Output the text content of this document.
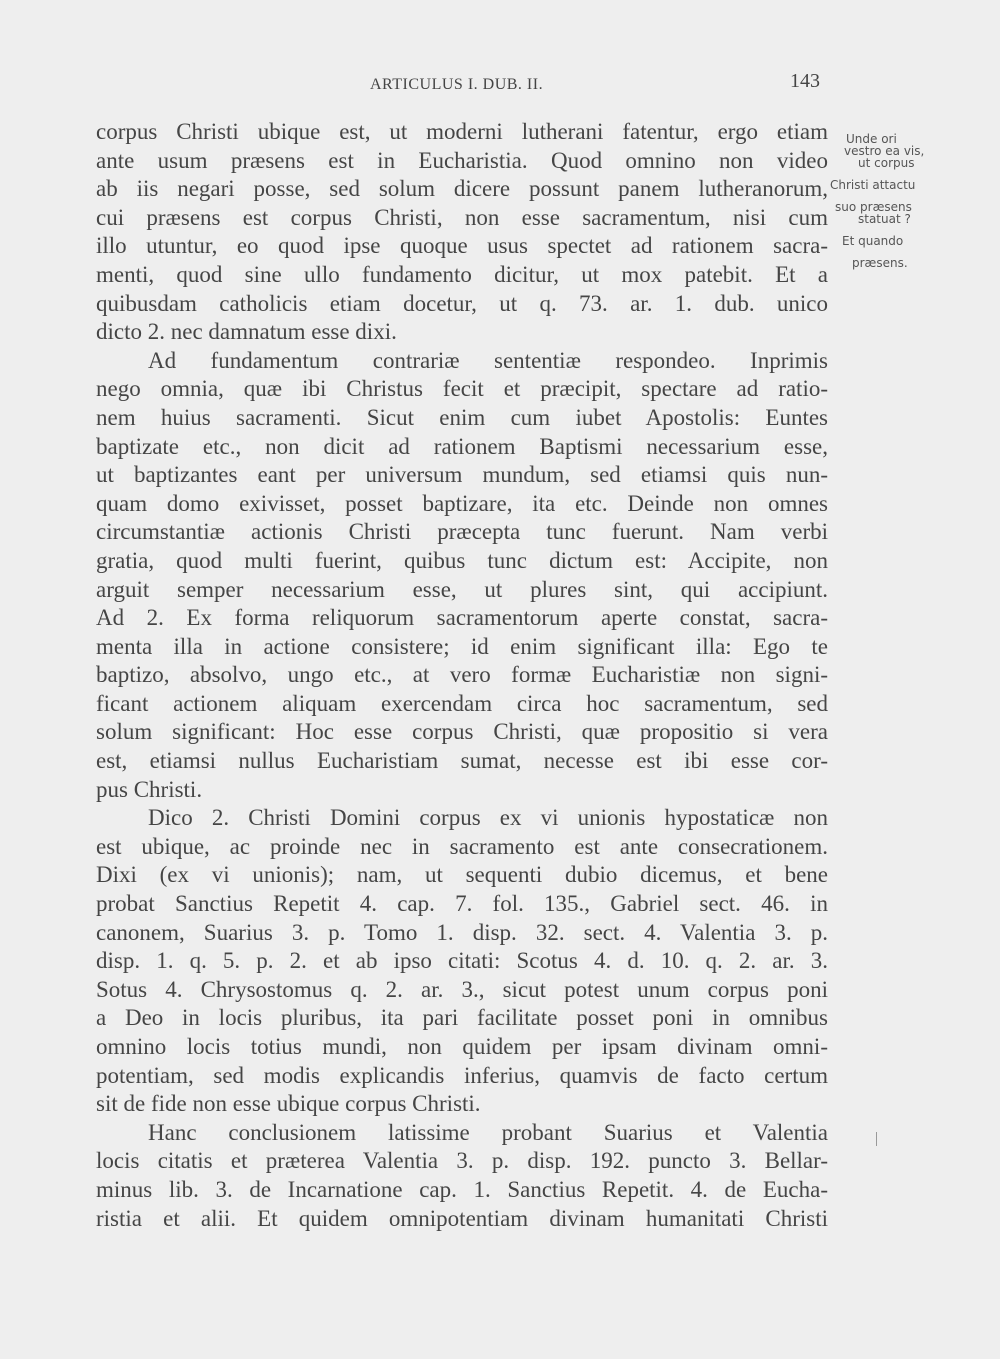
ARTICULUS I. DUB. II.	143
corpus Christi ubique est, ut moderni lutherani fatentur, ergo etiam
ante usum præsens est in Eucharistia. Quod omnino non video
ab iis negari posse, sed solum dicere possunt panem lutheranorum,
cui præsens est corpus Christi, non esse sacramentum, nisi cum
illo utuntur, eo quod ipse quoque usus spectet ad rationem sacra-
menti, quod sine ullo fundamento dicitur, ut mox patebit. Et a
quibusdam catholicis etiam docetur, ut q. 73. ar. 1. dub. unico
dicto 2. nec damnatum esse dixi.
Ad fundamentum contrariæ sententiæ respondeo. Inprimis
nego omnia, quæ ibi Christus fecit et præcipit, spectare ad ratio-
nem huius sacramenti. Sicut enim cum iubet Apostolis: Euntes
baptizate etc., non dicit ad rationem Baptismi necessarium esse,
ut baptizantes eant per universum mundum, sed etiamsi quis nun-
quam domo exivisset, posset baptizare, ita etc. Deinde non omnes
circumstantiæ actionis Christi præcepta tunc fuerunt. Nam verbi
gratia, quod multi fuerint, quibus tunc dictum est: Accipite, non
arguit semper necessarium esse, ut plures sint, qui accipiunt.
Ad 2. Ex forma reliquorum sacramentorum aperte constat, sacra-
menta illa in actione consistere; id enim significant illa: Ego te
baptizo, absolvo, ungo etc., at vero formæ Eucharistiæ non signi-
ficant actionem aliquam exercendam circa hoc sacramentum, sed
solum significant: Hoc esse corpus Christi, quæ propositio si vera
est, etiamsi nullus Eucharistiam sumat, necesse est ibi esse cor-
pus Christi.
Dico 2. Christi Domini corpus ex vi unionis hypostaticæ non
est ubique, ac proinde nec in sacramento est ante consecrationem.
Dixi (ex vi unionis); nam, ut sequenti dubio dicemus, et bene
probat Sanctius Repetit 4. cap. 7. fol. 135., Gabriel sect. 46. in
canonem, Suarius 3. p. Tomo 1. disp. 32. sect. 4. Valentia 3. p.
disp. 1. q. 5. p. 2. et ab ipso citati: Scotus 4. d. 10. q. 2. ar. 3.
Sotus 4. Chrysostomus q. 2. ar. 3., sicut potest unum corpus poni
a Deo in locis pluribus, ita pari facilitate posset poni in omnibus
omnino locis totius mundi, non quidem per ipsam divinam omni-
potentiam, sed modis explicandis inferius, quamvis de facto certum
sit de fide non esse ubique corpus Christi.
Hanc conclusionem latissime probant Suarius et Valentia
locis citatis et præterea Valentia 3. p. disp. 192. puncto 3. Bellar-
minus lib. 3. de Incarnatione cap. 1. Sanctius Repetit. 4. de Eucha-
ristia et alii. Et quidem omnipotentiam divinam humanitati Christi
Unde ori
vestro ea vis,
ut corpus
Christi attactu
suo præsens
statuat ?
Et quando
præsens.
